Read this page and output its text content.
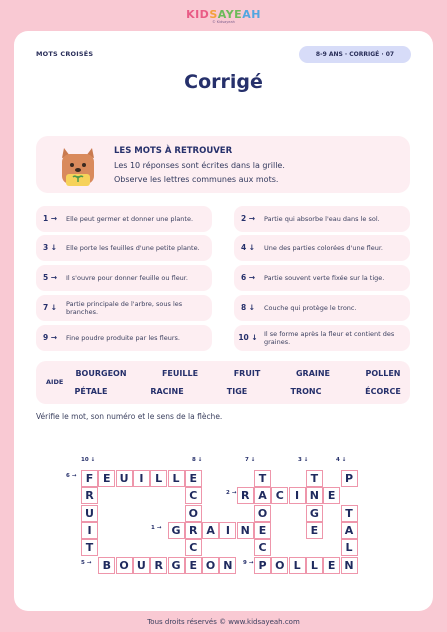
KIDSAYEAH
© Kidsayeah
MOTS CROISÉS	8-9 ANS · CORRIGÉ · 07
Corrigé
LES MOTS À RETROUVER
Les 10 réponses sont écrites dans la grille.
Observe les lettres communes aux mots.
1 →	Elle peut germer et donner une plante.	2 →	Partie qui absorbe l'eau dans le sol.
3 ↓	Elle porte les feuilles d'une petite plante.	4 ↓	Une des parties colorées d'une fleur.
5 →	Il s'ouvre pour donner feuille ou fleur.	6 →	Partie souvent verte fixée sur la tige.
7 ↓	Partie principale de l'arbre, sous les branches.	8 ↓	Couche qui protège le tronc.
9 →	Fine poudre produite par les fleurs.	10 ↓ Il se forme après la fleur et contient des graines.
AIDE
BOURGEON	FEUILLE	FRUIT	GRAINE	POLLEN
PÉTALE	RACINE	TIGE	TRONC	ÉCORCE
Vérifie le mot, son numéro et le sens de la flèche.
F E U I	L L E	T	T	P
R	C	R A C	I N E
U	O	O	G	T
I	G R A	I N E	E	A
T	C	C	L
B O U R G E O N	P O L L E N
10 ↓	8 ↓	7 ↓	3 ↓	4 ↓
6 →
2 →
1 →
5 →	9 →
Tous droits réservés © www.kidsayeah.com
